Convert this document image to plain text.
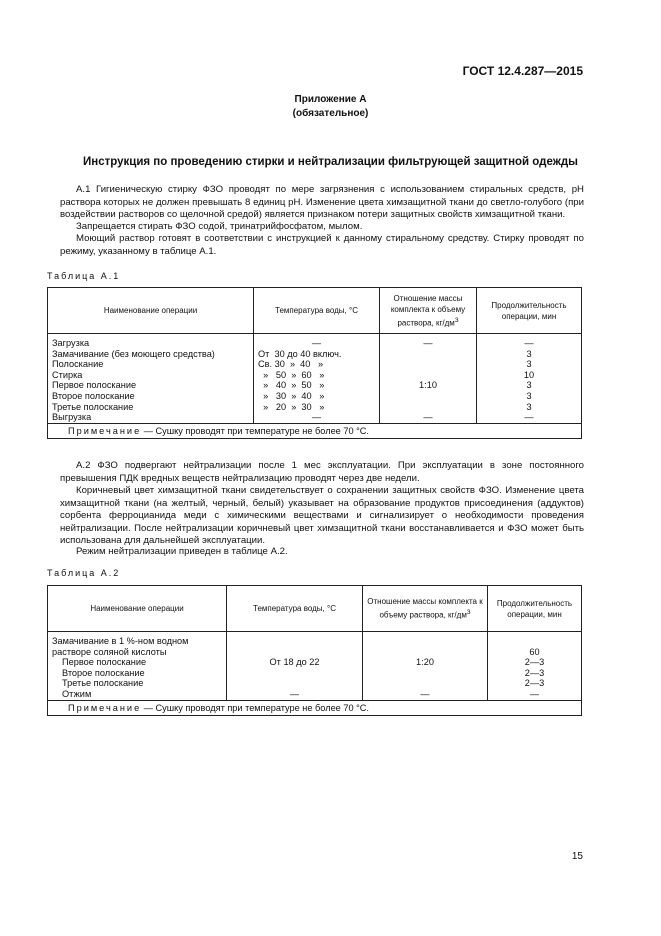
ГОСТ 12.4.287—2015
Приложение А
(обязательное)
Инструкция по проведению стирки и нейтрализации фильтрующей защитной одежды

А.1 Гигиеническую стирку ФЗО проводят по мере загрязнения с использованием стиральных средств, рН раствора которых не должен превышать 8 единиц рН. Изменение цвета химзащитной ткани до светло-голубого (при воздействии растворов со щелочной средой) является признаком потери защитных свойств химзащитной ткани.

Запрещается стирать ФЗО содой, тринатрийфосфатом, мылом.

Моющий раствор готовят в соответствии с инструкцией к данному стиральному средству. Стирку проводят по режиму, указанному в таблице А.1.

Таблица А.1
Наименование операции	Температура воды, °С	Отношение массы комплекта к объему раствора, $кг/дм^3$	Продолжительность операции, мин
Загрузка	—	—	—
Замачивание (без моющего средства)	От  30 до 40 включ.		3
Полоскание	Св. 30  »  40   »		3
Стирка	»   50  »  60   »		10
Первое полоскание	»   40  »  50   »	1:10	3
Второе полоскание	»   30  »  40   »		3
Третье полоскание	»   20  »  30   »		3
Выгрузка	—	—	—
Примечание — Сушку проводят при температуре не более 70 °С.			

А.2 ФЗО подвергают нейтрализации после 1 мес эксплуатации. При эксплуатации в зоне постоянного превышения ПДК вредных веществ нейтрализацию проводят через две недели.

Коричневый цвет химзащитной ткани свидетельствует о сохранении защитных свойств ФЗО. Изменение цвета химзащитной ткани (на желтый, черный, белый) указывает на образование продуктов присоединения (аддуктов) сорбента ферроцианида меди с химическими веществами и сигнализирует о необходимости проведения нейтрализации. После нейтрализации коричневый цвет химзащитной ткани восстанавливается и ФЗО может быть использована для дальнейшей эксплуатации.

Режим нейтрализации приведен в таблице А.2.

Таблица А.2
Наименование операции	Температура воды, °С	Отношение массы комплекта к объему раствора, $кг/дм^3$	Продолжительность операции, мин
Замачивание в 1 %-ном водном			
растворе соляной кислоты			60
Первое полоскание	От 18 до 22	1:20	2—3
Второе полоскание			2—3
Третье полоскание			2—3
Отжим	—	—	—
Примечание — Сушку проводят при температуре не более 70 °С.			
15
